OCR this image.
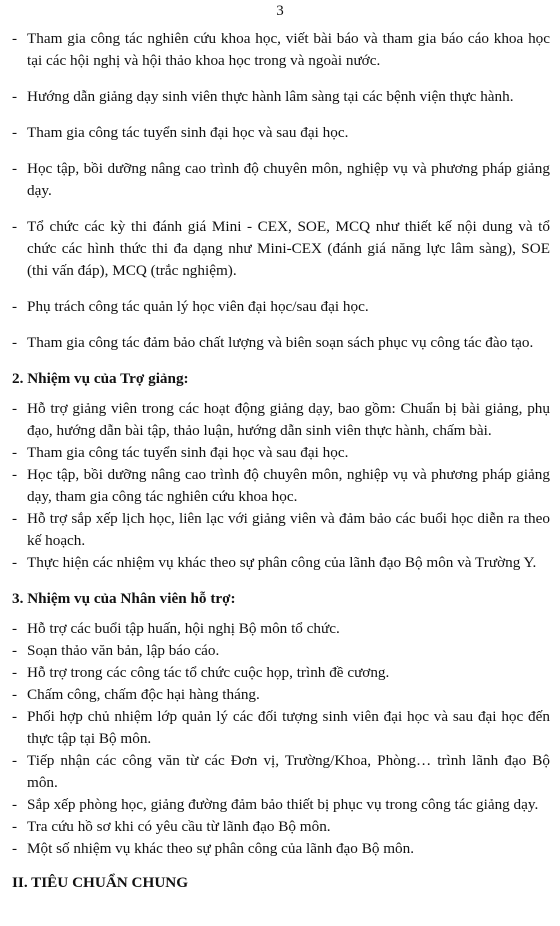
3

- Tham gia công tác nghiên cứu khoa học, viết bài báo và tham gia báo cáo khoa học tại các hội nghị và hội thảo khoa học trong và ngoài nước.

- Hướng dẫn giảng dạy sinh viên thực hành lâm sàng tại các bệnh viện thực hành.

- Tham gia công tác tuyển sinh đại học và sau đại học.

- Học tập, bồi dưỡng nâng cao trình độ chuyên môn, nghiệp vụ và phương pháp giảng dạy.

- Tổ chức các kỳ thi đánh giá Mini - CEX, SOE, MCQ như thiết kế nội dung và tổ chức các hình thức thi đa dạng như Mini-CEX (đánh giá năng lực lâm sàng), SOE (thi vấn đáp), MCQ (trắc nghiệm).

- Phụ trách công tác quản lý học viên đại học/sau đại học.

- Tham gia công tác đảm bảo chất lượng và biên soạn sách phục vụ công tác đào tạo.

2. Nhiệm vụ của Trợ giảng:

- Hỗ trợ giảng viên trong các hoạt động giảng dạy, bao gồm: Chuẩn bị bài giảng, phụ đạo, hướng dẫn bài tập, thảo luận, hướng dẫn sinh viên thực hành, chấm bài.

- Tham gia công tác tuyển sinh đại học và sau đại học.

- Học tập, bồi dưỡng nâng cao trình độ chuyên môn, nghiệp vụ và phương pháp giảng dạy, tham gia công tác nghiên cứu khoa học.

- Hỗ trợ sắp xếp lịch học, liên lạc với giảng viên và đảm bảo các buổi học diễn ra theo kế hoạch.

- Thực hiện các nhiệm vụ khác theo sự phân công của lãnh đạo Bộ môn và Trường Y.

3. Nhiệm vụ của Nhân viên hỗ trợ:

- Hỗ trợ các buổi tập huấn, hội nghị Bộ môn tổ chức.

- Soạn thảo văn bản, lập báo cáo.

- Hỗ trợ trong các công tác tổ chức cuộc họp, trình đề cương.

- Chấm công, chấm độc hại hàng tháng.

- Phối hợp chủ nhiệm lớp quản lý các đối tượng sinh viên đại học và sau đại học đến thực tập tại Bộ môn.

- Tiếp nhận các công văn từ các Đơn vị, Trường/Khoa, Phòng… trình lãnh đạo Bộ môn.

- Sắp xếp phòng học, giảng đường đảm bảo thiết bị phục vụ trong công tác giảng dạy.

- Tra cứu hồ sơ khi có yêu cầu từ lãnh đạo Bộ môn.

- Một số nhiệm vụ khác theo sự phân công của lãnh đạo Bộ môn.

II. TIÊU CHUẨN CHUNG
